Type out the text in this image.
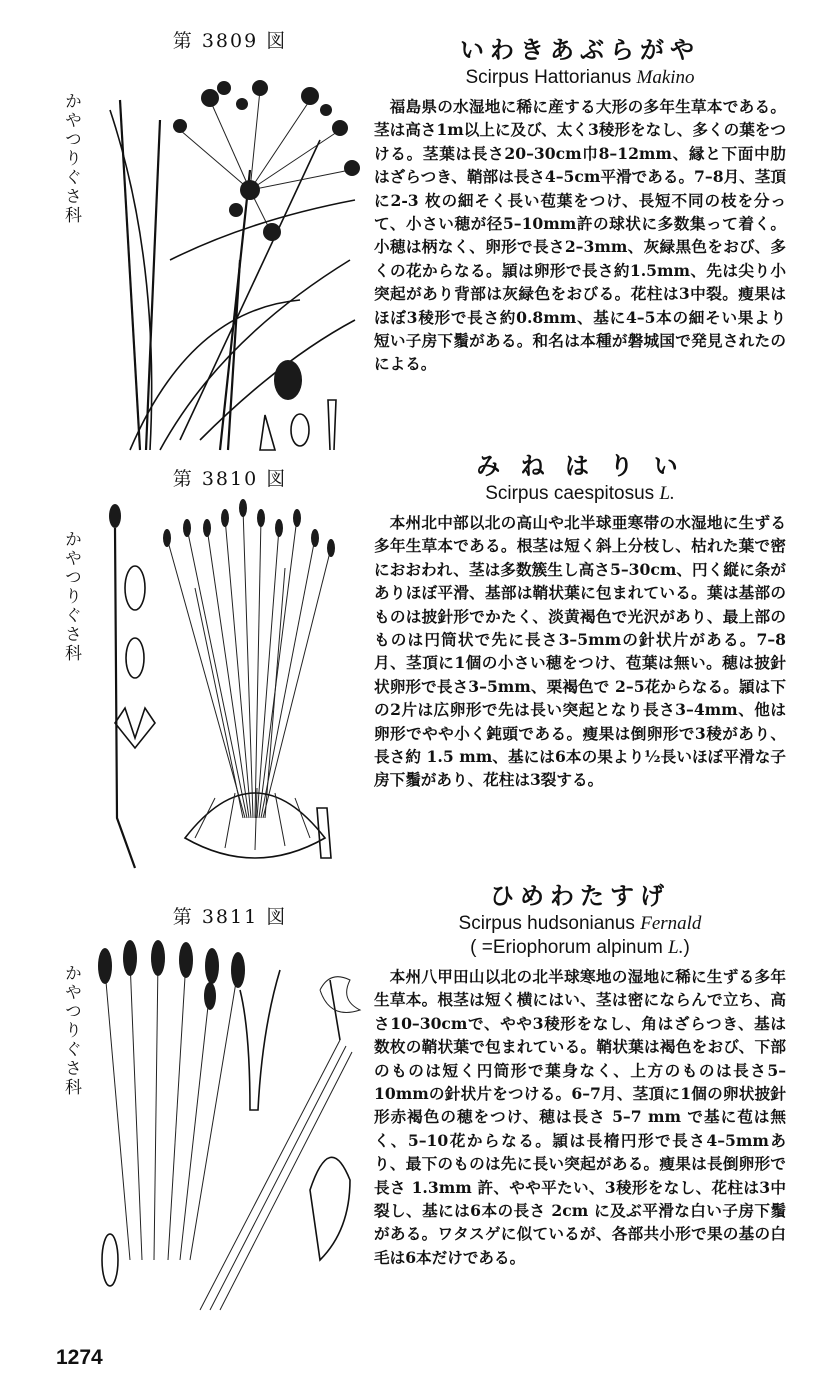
第 3809 図
かやつりぐさ科
いわきあぶらがや
Scirpus Hattorianus Makino

福島県の水湿地に稀に産する大形の多年生草本である。茎は高さ1m以上に及び、太く3稜形をなし、多くの葉をつける。茎葉は長さ20–30cm巾8–12mm、縁と下面中肋はざらつき、鞘部は長さ4–5cm平滑である。7–8月、茎頂に2-3 枚の細そく長い苞葉をつけ、長短不同の枝を分って、小さい穂が径5–10mm許の球状に多数集って着く。小穂は柄なく、卵形で長さ2–3mm、灰緑黒色をおび、多くの花からなる。頴は卵形で長さ約1.5mm、先は尖り小突起があり背部は灰緑色をおびる。花柱は3中裂。瘦果はほぼ3稜形で長さ約0.8mm、基に4–5本の細そい果より短い子房下鬚がある。和名は本種が磐城国で発見されたのによる。

第 3810 図
かやつりぐさ科
み ね は り い
Scirpus caespitosus L.

本州北中部以北の高山や北半球亜寒帯の水湿地に生ずる多年生草本である。根茎は短く斜上分枝し、枯れた葉で密におおわれ、茎は多数簇生し高さ5–30cm、円く縦に条がありほぼ平滑、基部は鞘状葉に包まれている。葉は基部のものは披針形でかたく、淡黄褐色で光沢があり、最上部のものは円筒状で先に長さ3–5mmの針状片がある。7–8月、茎頂に1個の小さい穂をつけ、苞葉は無い。穂は披針状卵形で長さ3–5mm、栗褐色で 2–5花からなる。頴は下の2片は広卵形で先は長い突起となり長さ3–4mm、他は卵形でやや小く鈍頭である。瘦果は倒卵形で3稜があり、長さ約 1.5 mm、基には6本の果より½長いほぼ平滑な子房下鬚があり、花柱は3裂する。

第 3811 図
かやつりぐさ科
ひめわたすげ
Scirpus hudsonianus Fernald
( =Eriophorum alpinum L.)

本州八甲田山以北の北半球寒地の湿地に稀に生ずる多年生草本。根茎は短く横にはい、茎は密にならんで立ち、高さ10–30cmで、やや3稜形をなし、角はざらつき、基は数枚の鞘状葉で包まれている。鞘状葉は褐色をおび、下部のものは短く円筒形で葉身なく、上方のものは長さ5–10mmの針状片をつける。6–7月、茎頂に1個の卵状披針形赤褐色の穂をつけ、穂は長さ 5–7 mm で基に苞は無く、5–10花からなる。頴は長楕円形で長さ4–5mmあり、最下のものは先に長い突起がある。瘦果は長倒卵形で長さ 1.3mm 許、やや平たい、3稜形をなし、花柱は3中裂し、基には6本の長さ 2cm に及ぶ平滑な白い子房下鬚がある。ワタスゲに似ているが、各部共小形で果の基の白毛は6本だけである。

1274
